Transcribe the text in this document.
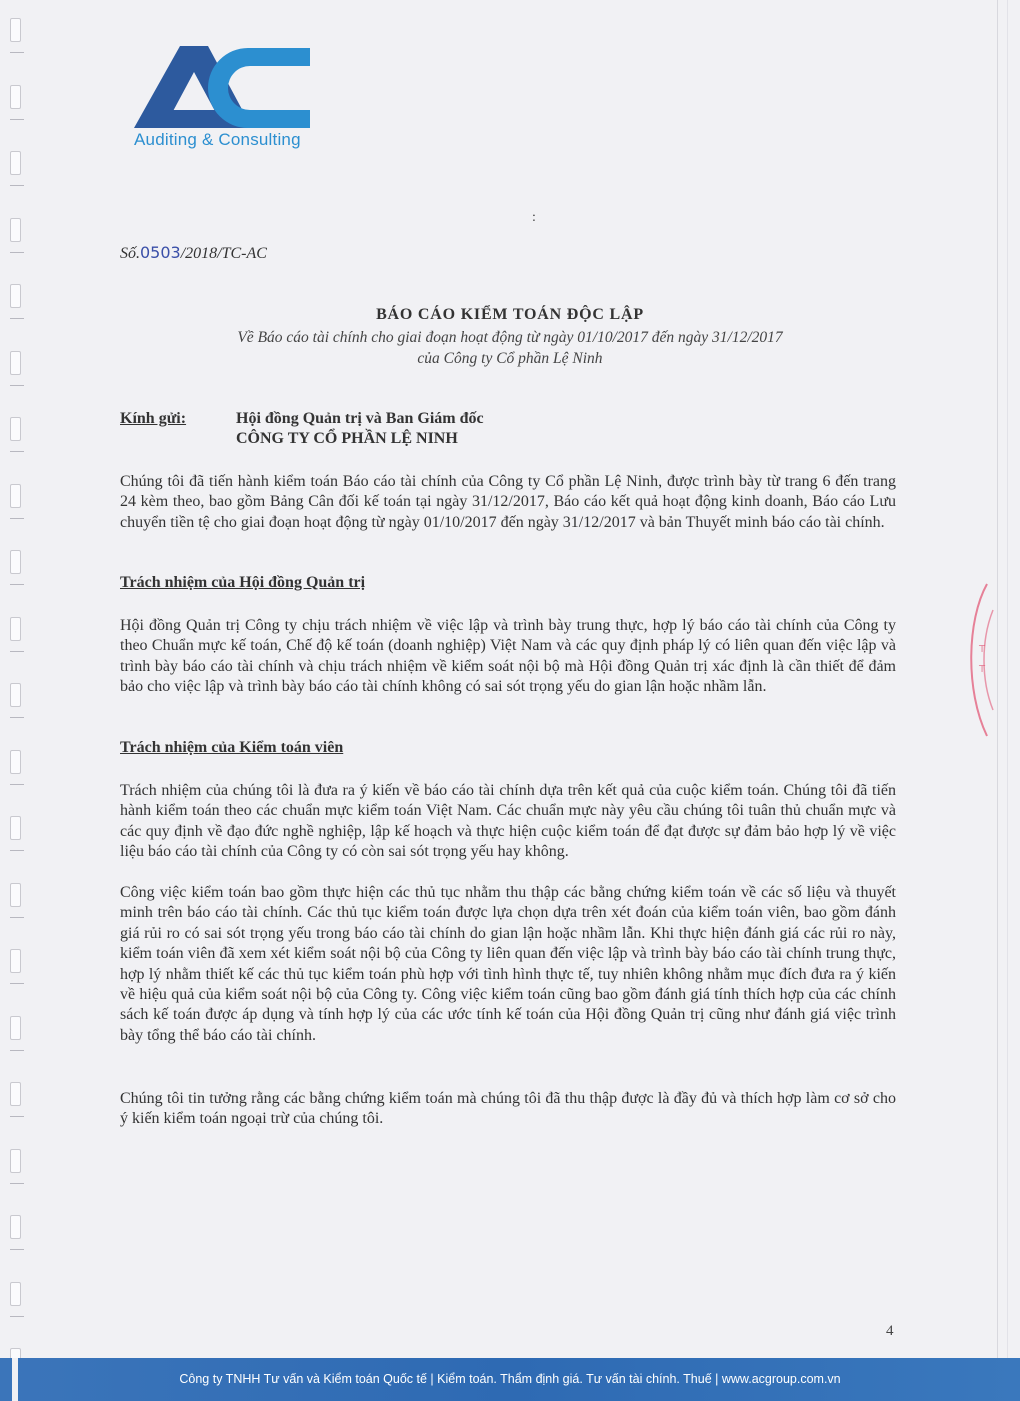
Auditing & Consulting
Số.0503/2018/TC-AC
:
BÁO CÁO KIỂM TOÁN ĐỘC LẬP
Về Báo cáo tài chính cho giai đoạn hoạt động từ ngày 01/10/2017 đến ngày 31/12/2017
của Công ty Cổ phần Lệ Ninh
Kính gửi:	Hội đồng Quản trị và Ban Giám đốc
CÔNG TY CỔ PHẦN LỆ NINH

Chúng tôi đã tiến hành kiểm toán Báo cáo tài chính của Công ty Cổ phần Lệ Ninh, được trình bày từ trang 6 đến trang 24 kèm theo, bao gồm Bảng Cân đối kế toán tại ngày 31/12/2017, Báo cáo kết quả hoạt động kinh doanh, Báo cáo Lưu chuyển tiền tệ cho giai đoạn hoạt động từ ngày 01/10/2017 đến ngày 31/12/2017 và bản Thuyết minh báo cáo tài chính.

Trách nhiệm của Hội đồng Quản trị

Hội đồng Quản trị Công ty chịu trách nhiệm về việc lập và trình bày trung thực, hợp lý báo cáo tài chính của Công ty theo Chuẩn mực kế toán, Chế độ kế toán (doanh nghiệp) Việt Nam và các quy định pháp lý có liên quan đến việc lập và trình bày báo cáo tài chính và chịu trách nhiệm về kiểm soát nội bộ mà Hội đồng Quản trị xác định là cần thiết để đảm bảo cho việc lập và trình bày báo cáo tài chính không có sai sót trọng yếu do gian lận hoặc nhầm lẫn.

Trách nhiệm của Kiểm toán viên

Trách nhiệm của chúng tôi là đưa ra ý kiến về báo cáo tài chính dựa trên kết quả của cuộc kiểm toán. Chúng tôi đã tiến hành kiểm toán theo các chuẩn mực kiểm toán Việt Nam. Các chuẩn mực này yêu cầu chúng tôi tuân thủ chuẩn mực và các quy định về đạo đức nghề nghiệp, lập kế hoạch và thực hiện cuộc kiểm toán để đạt được sự đảm bảo hợp lý về việc liệu báo cáo tài chính của Công ty có còn sai sót trọng yếu hay không.

Công việc kiểm toán bao gồm thực hiện các thủ tục nhằm thu thập các bằng chứng kiểm toán về các số liệu và thuyết minh trên báo cáo tài chính. Các thủ tục kiểm toán được lựa chọn dựa trên xét đoán của kiểm toán viên, bao gồm đánh giá rủi ro có sai sót trọng yếu trong báo cáo tài chính do gian lận hoặc nhầm lẫn. Khi thực hiện đánh giá các rủi ro này, kiểm toán viên đã xem xét kiểm soát nội bộ của Công ty liên quan đến việc lập và trình bày báo cáo tài chính trung thực, hợp lý nhằm thiết kế các thủ tục kiểm toán phù hợp với tình hình thực tế, tuy nhiên không nhằm mục đích đưa ra ý kiến về hiệu quả của kiểm soát nội bộ của Công ty. Công việc kiểm toán cũng bao gồm đánh giá tính thích hợp của các chính sách kế toán được áp dụng và tính hợp lý của các ước tính kế toán của Hội đồng Quản trị cũng như đánh giá việc trình bày tổng thể báo cáo tài chính.

Chúng tôi tin tưởng rằng các bằng chứng kiểm toán mà chúng tôi đã thu thập được là đầy đủ và thích hợp làm cơ sở cho ý kiến kiểm toán ngoại trừ của chúng tôi.

T
T
4
Công ty TNHH Tư vấn và Kiểm toán Quốc tế | Kiểm toán. Thẩm định giá. Tư vấn tài chính. Thuế | www.acgroup.com.vn
